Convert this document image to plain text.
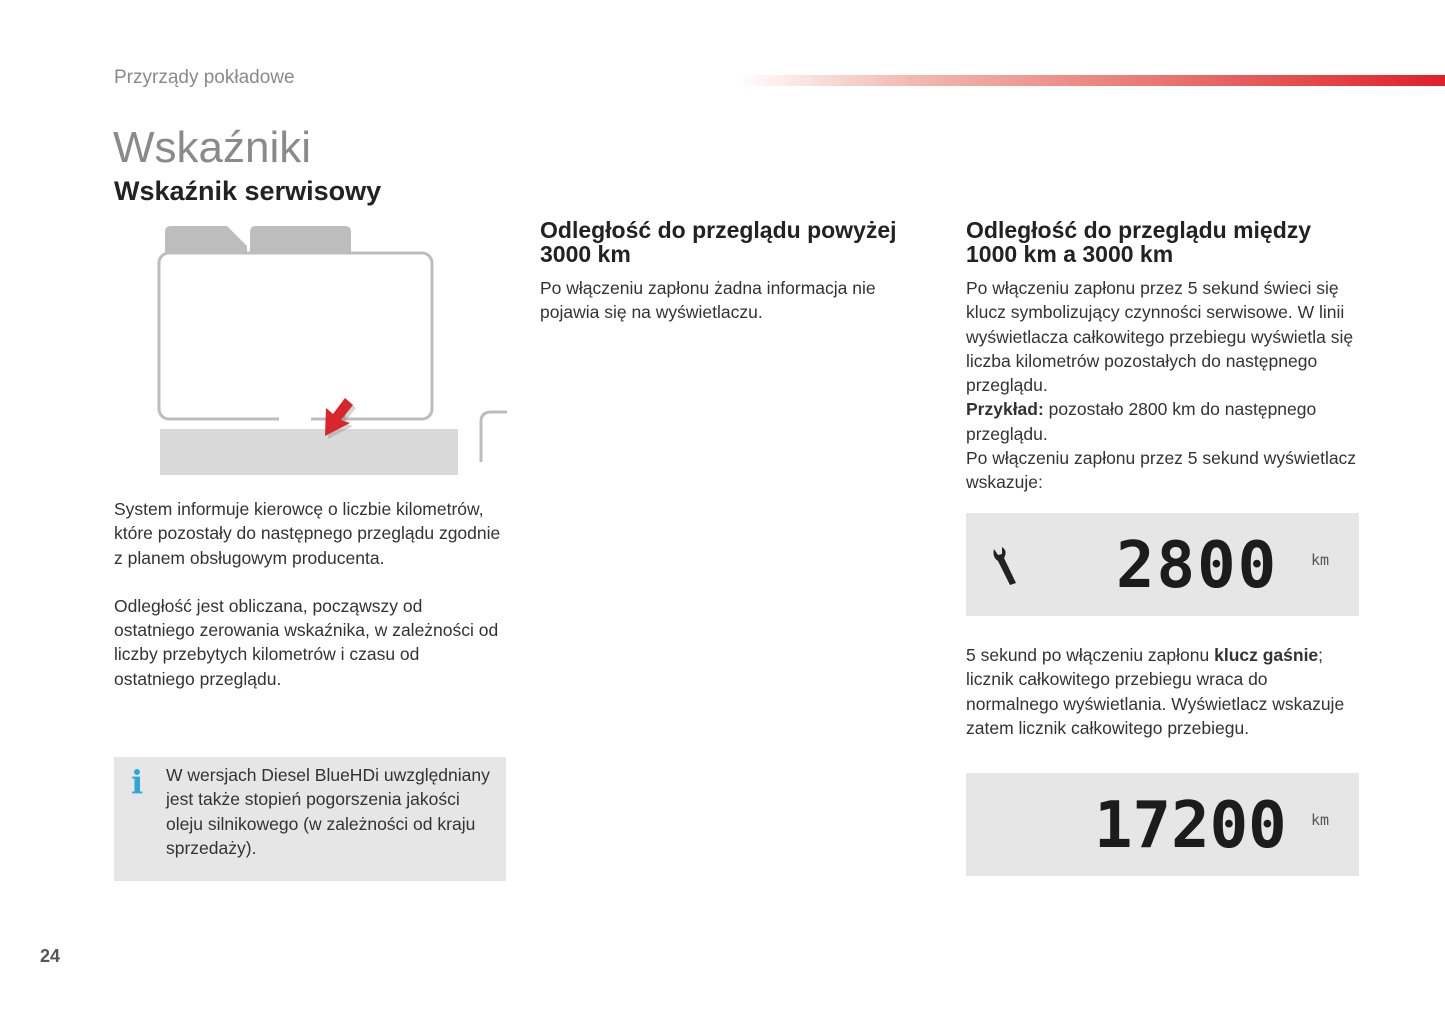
Przyrządy pokładowe
Wskaźniki
Wskaźnik serwisowy

System informuje kierowcę o liczbie kilometrów, które pozostały do następnego przeglądu zgodnie z planem obsługowym producenta.

Odległość jest obliczana, począwszy od ostatniego zerowania wskaźnika, w zależności od liczby przebytych kilometrów i czasu od ostatniego przeglądu.

i W wersjach Diesel BlueHDi uwzględniany jest także stopień pogorszenia jakości oleju silnikowego (w zależności od kraju sprzedaży).
Odległość do przeglądu powyżej 3000 km

Po włączeniu zapłonu żadna informacja nie pojawia się na wyświetlaczu.

Odległość do przeglądu między 1000 km a 3000 km

Po włączeniu zapłonu przez 5 sekund świeci się klucz symbolizujący czynności serwisowe. W linii wyświetlacza całkowitego przebiegu wyświetla się liczba kilometrów pozostałych do następnego przeglądu.

Przykład: pozostało 2800 km do następnego przeglądu.

Po włączeniu zapłonu przez 5 sekund wyświetlacz wskazuje:

2800 km
5 sekund po włączeniu zapłonu klucz gaśnie; licznik całkowitego przebiegu wraca do normalnego wyświetlania. Wyświetlacz wskazuje zatem licznik całkowitego przebiegu.
17200 km
24
